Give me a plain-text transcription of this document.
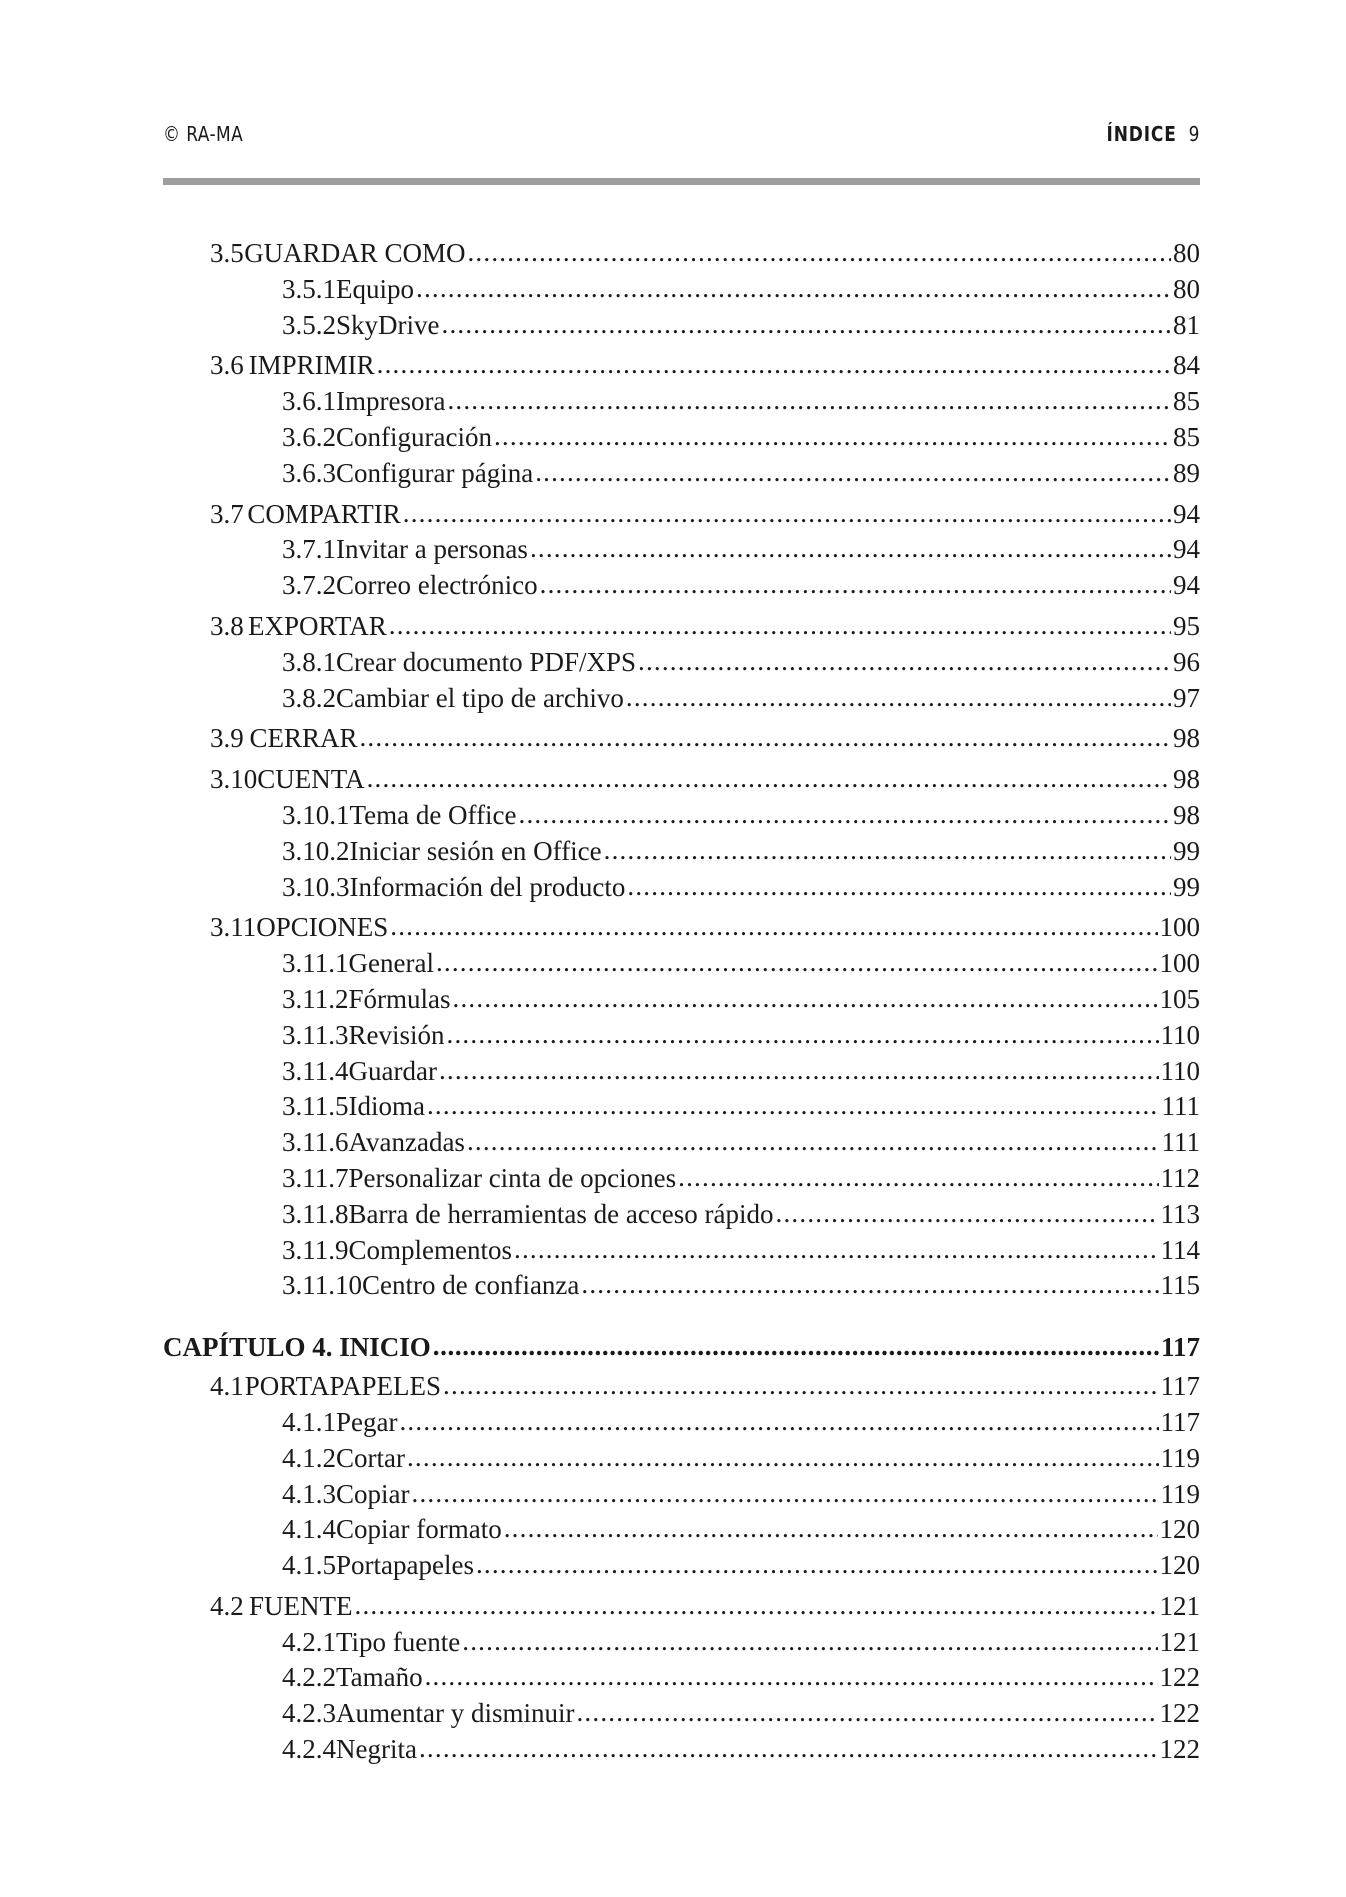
© RA-MA	ÍNDICE 9
3.5 GUARDAR COMO .....	80
3.5.1 Equipo .....	80
3.5.2 SkyDrive .....	81
3.6 IMPRIMIR .....	84
3.6.1 Impresora .....	85
3.6.2 Configuración .....	85
3.6.3 Configurar página .....	89
3.7 COMPARTIR .....	94
3.7.1 Invitar a personas .....	94
3.7.2 Correo electrónico .....	94
3.8 EXPORTAR .....	95
3.8.1 Crear documento PDF/XPS .....	96
3.8.2 Cambiar el tipo de archivo .....	97
3.9 CERRAR .....	98
3.10 CUENTA .....	98
3.10.1 Tema de Office .....	98
3.10.2 Iniciar sesión en Office .....	99
3.10.3 Información del producto .....	99
3.11 OPCIONES .....	100
3.11.1 General .....	100
3.11.2 Fórmulas .....	105
3.11.3 Revisión .....	110
3.11.4 Guardar .....	110
3.11.5 Idioma .....	111
3.11.6 Avanzadas .....	111
3.11.7 Personalizar cinta de opciones .....	112
3.11.8 Barra de herramientas de acceso rápido .....	113
3.11.9 Complementos .....	114
3.11.10 Centro de confianza .....	115
CAPÍTULO 4. INICIO .....	117
4.1 PORTAPAPELES .....	117
4.1.1 Pegar .....	117
4.1.2 Cortar .....	119
4.1.3 Copiar .....	119
4.1.4 Copiar formato .....	120
4.1.5 Portapapeles .....	120
4.2 FUENTE .....	121
4.2.1 Tipo fuente .....	121
4.2.2 Tamaño .....	122
4.2.3 Aumentar y disminuir .....	122
4.2.4 Negrita .....	122
